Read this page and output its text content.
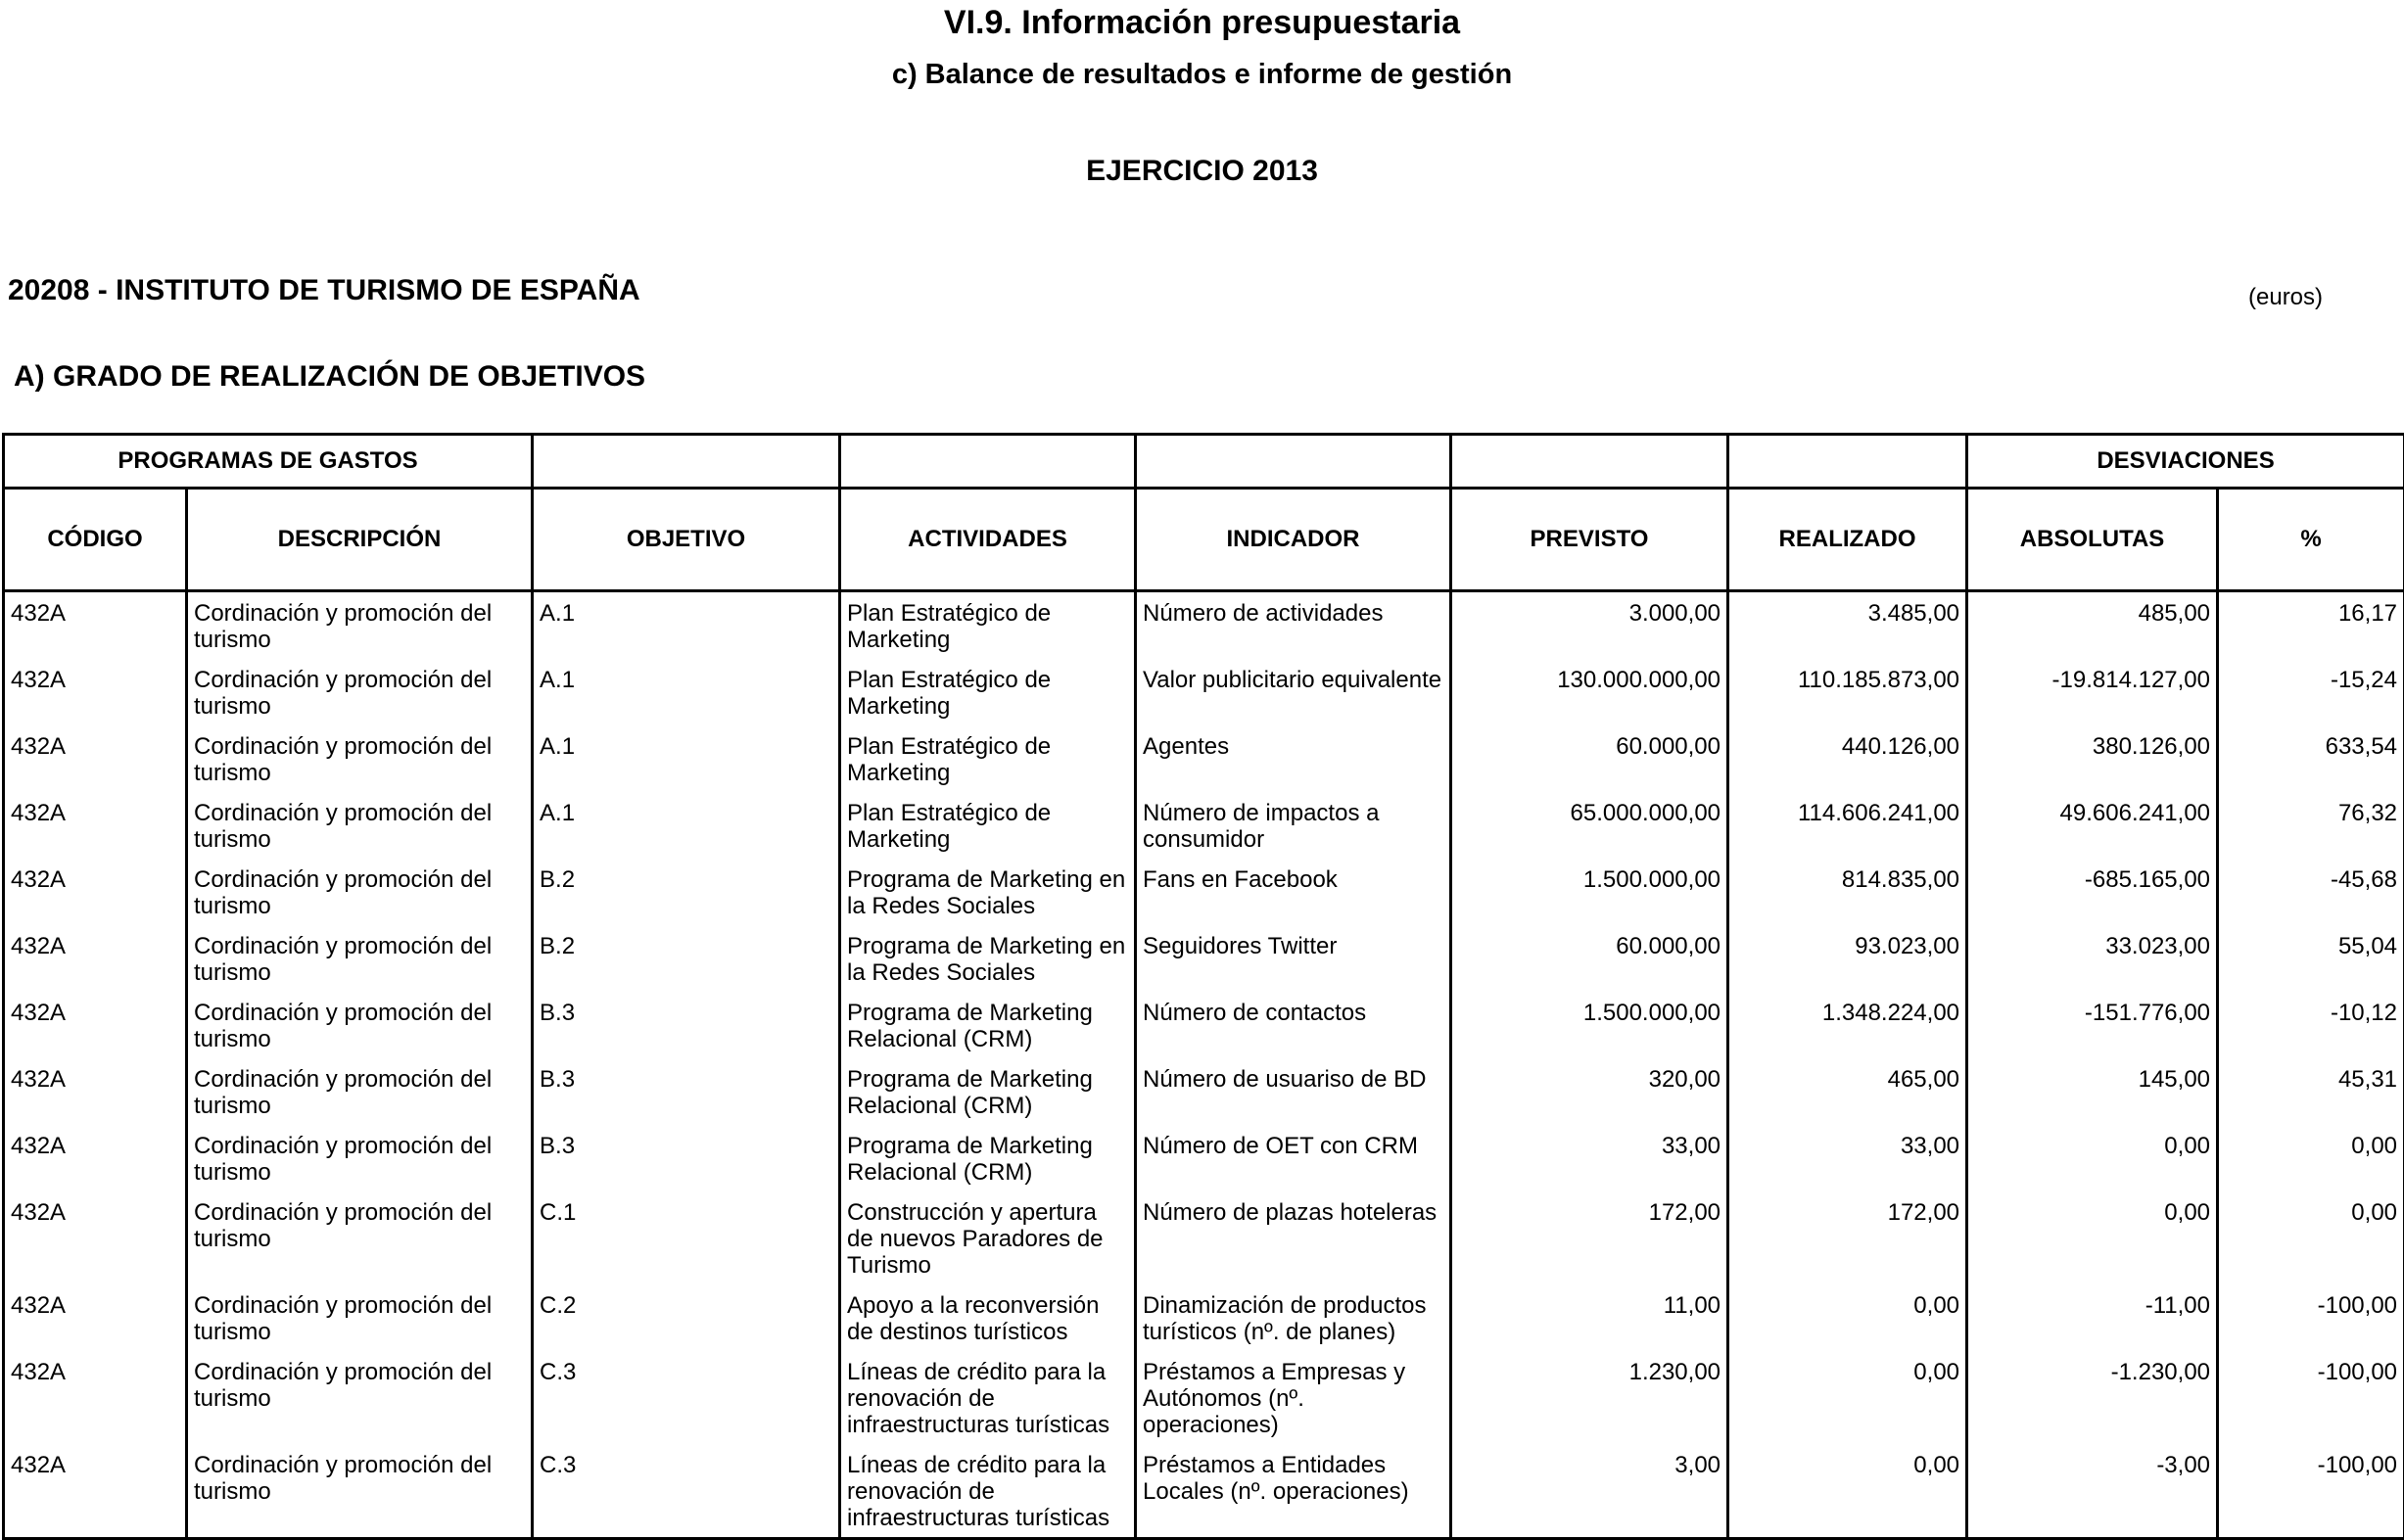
VI.9. Información presupuestaria
c) Balance de resultados e informe de gestión
EJERCICIO 2013
20208 - INSTITUTO DE TURISMO DE ESPAÑA	(euros)
A) GRADO DE REALIZACIÓN DE OBJETIVOS
PROGRAMAS DE GASTOS							DESVIACIONES	
CÓDIGO	DESCRIPCIÓN	OBJETIVO	ACTIVIDADES	INDICADOR	PREVISTO	REALIZADO	ABSOLUTAS	%
432A	Cordinación y promoción del turismo	A.1	Plan Estratégico de Marketing	Número de actividades	3.000,00	3.485,00	485,00	16,17
432A	Cordinación y promoción del turismo	A.1	Plan Estratégico de Marketing	Valor publicitario equivalente	130.000.000,00	110.185.873,00	-19.814.127,00	-15,24
432A	Cordinación y promoción del turismo	A.1	Plan Estratégico de Marketing	Agentes	60.000,00	440.126,00	380.126,00	633,54
432A	Cordinación y promoción del turismo	A.1	Plan Estratégico de Marketing	Número de impactos a consumidor	65.000.000,00	114.606.241,00	49.606.241,00	76,32
432A	Cordinación y promoción del turismo	B.2	Programa de Marketing en la Redes Sociales	Fans en Facebook	1.500.000,00	814.835,00	-685.165,00	-45,68
432A	Cordinación y promoción del turismo	B.2	Programa de Marketing en la Redes Sociales	Seguidores Twitter	60.000,00	93.023,00	33.023,00	55,04
432A	Cordinación y promoción del turismo	B.3	Programa de Marketing Relacional (CRM)	Número de contactos	1.500.000,00	1.348.224,00	-151.776,00	-10,12
432A	Cordinación y promoción del turismo	B.3	Programa de Marketing Relacional (CRM)	Número de usuariso de BD	320,00	465,00	145,00	45,31
432A	Cordinación y promoción del turismo	B.3	Programa de Marketing Relacional (CRM)	Número de OET con CRM	33,00	33,00	0,00	0,00
432A	Cordinación y promoción del turismo	C.1	Construcción y apertura de nuevos Paradores de Turismo	Número de plazas hoteleras	172,00	172,00	0,00	0,00
432A	Cordinación y promoción del turismo	C.2	Apoyo a la reconversión de destinos turísticos	Dinamización de productos turísticos (nº. de planes)	11,00	0,00	-11,00	-100,00
432A	Cordinación y promoción del turismo	C.3	Líneas de crédito para la renovación de infraestructuras turísticas	Préstamos a Empresas y Autónomos (nº. operaciones)	1.230,00	0,00	-1.230,00	-100,00
432A	Cordinación y promoción del turismo	C.3	Líneas de crédito para la renovación de infraestructuras turísticas	Préstamos a Entidades Locales (nº. operaciones)	3,00	0,00	-3,00	-100,00
